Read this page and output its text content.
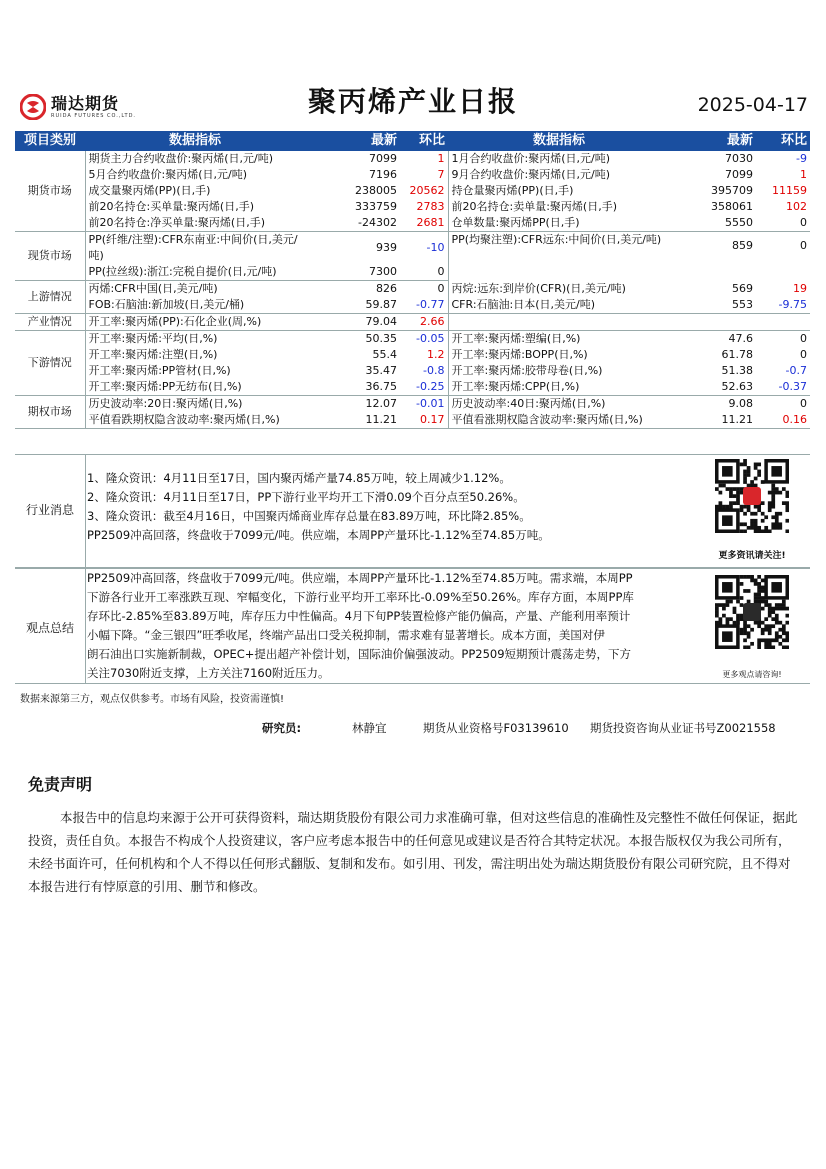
瑞达期货
RUIDA FUTURES CO.,LTD.	聚丙烯产业日报	2025-04-17
项目类别	数据指标	最新	环比	数据指标	最新	环比
期货市场	期货主力合约收盘价:聚丙烯(日,元/吨)	7099	1	1月合约收盘价:聚丙烯(日,元/吨)	7030	-9
	5月合约收盘价:聚丙烯(日,元/吨)	7196	7	9月合约收盘价:聚丙烯(日,元/吨)	7099	1
	成交量聚丙烯(PP)(日,手)	238005	20562	持仓量聚丙烯(PP)(日,手)	395709	11159
	前20名持仓:买单量:聚丙烯(日,手)	333759	2783	前20名持仓:卖单量:聚丙烯(日,手)	358061	102
	前20名持仓:净买单量:聚丙烯(日,手)	-24302	2681	仓单数量:聚丙烯PP(日,手)	5550	0
现货市场	PP(纤维/注塑):CFR东南亚:中间价(日,美元/吨)	939	-10	PP(均聚注塑):CFR远东:中间价(日,美元/吨)	859	0
	PP(拉丝级):浙江:完税自提价(日,元/吨)	7300	0			
上游情况	丙烯:CFR中国(日,美元/吨)	826	0	丙烷:远东:到岸价(CFR)(日,美元/吨)	569	19
	FOB:石脑油:新加坡(日,美元/桶)	59.87	-0.77	CFR:石脑油:日本(日,美元/吨)	553	-9.75
产业情况	开工率:聚丙烯(PP):石化企业(周,%)	79.04	2.66			
下游情况	开工率:聚丙烯:平均(日,%)	50.35	-0.05	开工率:聚丙烯:塑编(日,%)	47.6	0
	开工率:聚丙烯:注塑(日,%)	55.4	1.2	开工率:聚丙烯:BOPP(日,%)	61.78	0
	开工率:聚丙烯:PP管材(日,%)	35.47	-0.8	开工率:聚丙烯:胶带母卷(日,%)	51.38	-0.7
	开工率:聚丙烯:PP无纺布(日,%)	36.75	-0.25	开工率:聚丙烯:CPP(日,%)	52.63	-0.37
期权市场	历史波动率:20日:聚丙烯(日,%)	12.07	-0.01	历史波动率:40日:聚丙烯(日,%)	9.08	0
	平值看跌期权隐含波动率:聚丙烯(日,%)	11.21	0.17	平值看涨期权隐含波动率:聚丙烯(日,%)	11.21	0.16
行业消息
1、隆众资讯：4月11日至17日，国内聚丙烯产量74.85万吨，较上周减少1.12%。
2、隆众资讯：4月11日至17日，PP下游行业平均开工下滑0.09个百分点至50.26%。
3、隆众资讯：截至4月16日，中国聚丙烯商业库存总量在83.89万吨，环比降2.85%。
PP2509冲高回落，终盘收于7099元/吨。供应端，本周PP产量环比-1.12%至74.85万吨。
更多资讯请关注!
观点总结
PP2509冲高回落，终盘收于7099元/吨。供应端，本周PP产量环比-1.12%至74.85万吨。需求端，本周PP
下游各行业开工率涨跌互现、窄幅变化，下游行业平均开工率环比-0.09%至50.26%。库存方面，本周PP库
存环比-2.85%至83.89万吨，库存压力中性偏高。4月下旬PP装置检修产能仍偏高，产量、产能利用率预计
小幅下降。“金三银四”旺季收尾，终端产品出口受关税抑制，需求难有显著增长。成本方面，美国对伊
朗石油出口实施新制裁，OPEC+提出超产补偿计划，国际油价偏强波动。PP2509短期预计震荡走势，下方
关注7030附近支撑，上方关注7160附近压力。	更多观点请咨询!
数据来源第三方，观点仅供参考。市场有风险，投资需谨慎!
研究员:	林静宜	期货从业资格号F03139610 期货投资咨询从业证书号Z0021558
免责声明
本报告中的信息均来源于公开可获得资料，瑞达期货股份有限公司力求准确可靠，但对这些信息的准确性及完整性不做任何保证，据此投资，责任自负。本报告不构成个人投资建议，客户应考虑本报告中的任何意见或建议是否符合其特定状况。本报告版权仅为我公司所有，未经书面许可，任何机构和个人不得以任何形式翻版、复制和发布。如引用、刊发，需注明出处为瑞达期货股份有限公司研究院，且不得对本报告进行有悖原意的引用、删节和修改。
